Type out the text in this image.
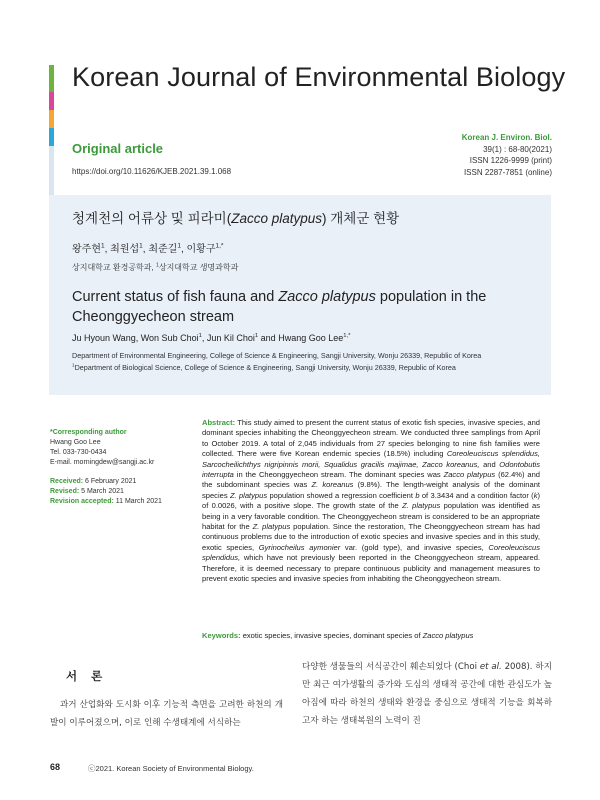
Korean Journal of Environmental Biology
Original article
https://doi.org/10.11626/KJEB.2021.39.1.068
Korean J. Environ. Biol.
39(1) : 68-80(2021)
ISSN 1226-9999 (print)
ISSN 2287-7851 (online)
청계천의 어류상 및 피라미(Zacco platypus) 개체군 현황
왕주현$^1$, 최원섭$^1$, 최준길$^1$, 이황구$^{1,*}$
상지대학교 환경공학과, $^1$상지대학교 생명과학과
Current status of fish fauna and Zacco platypus population in the Cheonggyecheon stream
Ju Hyoun Wang, Won Sub Choi$^1$, Jun Kil Choi$^1$ and Hwang Goo Lee$^{1,*}$
Department of Environmental Engineering, College of Science & Engineering, Sangji University, Wonju 26339, Republic of Korea
$^1$Department of Biological Science, College of Science & Engineering, Sangji University, Wonju 26339, Republic of Korea
*Corresponding author
Hwang Goo Lee
Tel. 033-730-0434
E-mail. morningdew@sangji.ac.kr
Received: 6 February 2021
Revised: 5 March 2021
Revision accepted: 11 March 2021
Abstract: This study aimed to present the current status of exotic fish species, invasive species, and dominant species inhabiting the Cheonggyecheon stream. We conducted three samplings from April to October 2019. A total of 2,045 individuals from 27 species belonging to nine fish families were collected. There were five Korean endemic species (18.5%) including Coreoleuciscus splendidus, Sarcocheilichthys nigripinnis morii, Squalidus gracilis majimae, Zacco koreanus, and Odontobutis interrupta in the Cheonggyecheon stream. The dominant species was Zacco platypus (62.4%) and the subdominant species was Z. koreanus (9.8%). The length-weight analysis of the dominant species Z. platypus population showed a regression coefficient b of 3.3434 and a condition factor (k) of 0.0026, with a positive slope. The growth state of the Z. platypus population was identified as being in a very favorable condition. The Cheonggyecheon stream is considered to be an appropriate habitat for the Z. platypus population. Since the restoration, The Cheonggyecheon stream has had continuous problems due to the introduction of exotic species and invasive species and in this study, exotic species, Gyrinocheilus aymonier var. (gold type), and invasive species, Coreoleuciscus splendidus, which have not previously been reported in the Cheonggyecheon stream, appeared. Therefore, it is deemed necessary to prepare continuous publicity and management measures to prevent exotic species and invasive species from inhabiting the Cheonggyecheon stream.
Keywords: exotic species, invasive species, dominant species of Zacco platypus
서론
과거 산업화와 도시화 이후 기능적 측면을 고려한 하천의 개발이 이루어졌으며, 이로 인해 수생태계에 서식하는
다양한 생물들의 서식공간이 훼손되었다 (Choi et al. 2008). 하지만 최근 여가생활의 증가와 도심의 생태적 공간에 대한 관심도가 높아짐에 따라 하천의 생태와 환경을 중심으로 생태적 기능을 회복하고자 하는 생태복원의 노력이 진
68	ⓒ2021. Korean Society of Environmental Biology.
